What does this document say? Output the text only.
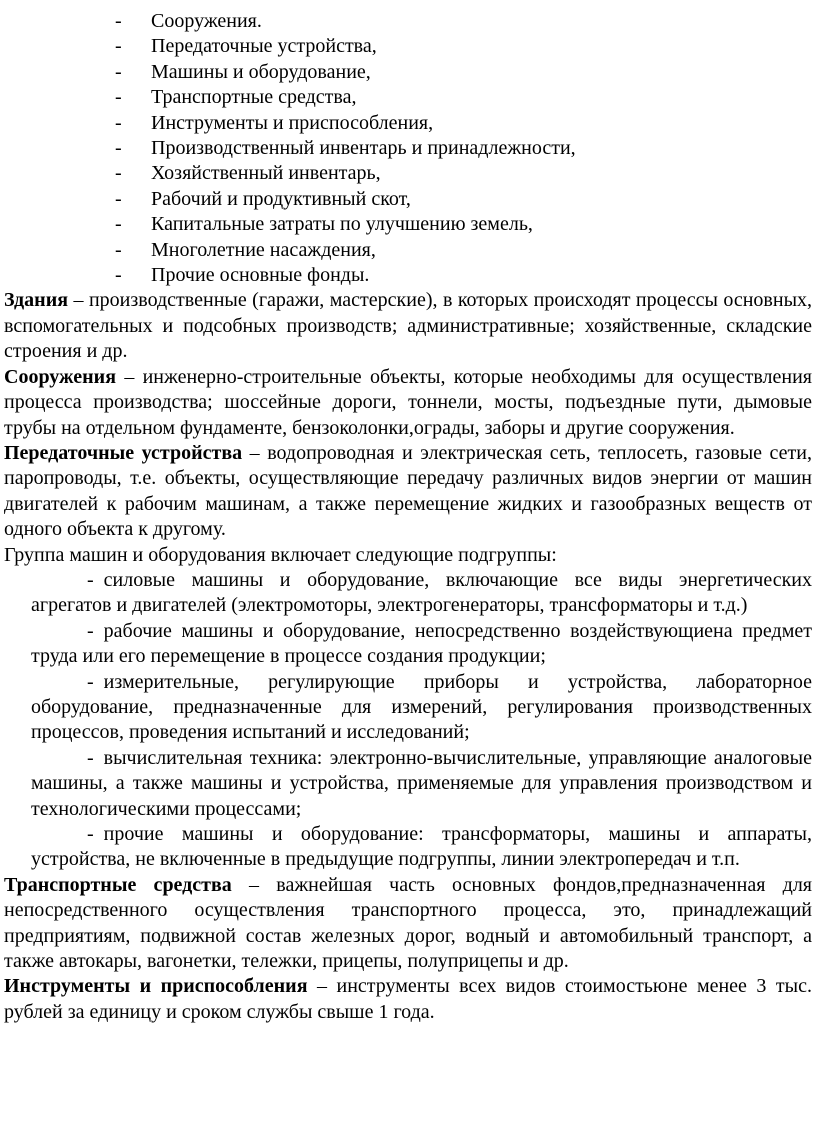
- Сооружения.
- Передаточные устройства,
- Машины и оборудование,
- Транспортные средства,
- Инструменты и приспособления,
- Производственный инвентарь и принадлежности,
- Хозяйственный инвентарь,
- Рабочий и продуктивный скот,
- Капитальные затраты по улучшению земель,
- Многолетние насаждения,
- Прочие основные фонды.

Здания – производственные (гаражи, мастерские), в которых происходят процессы основных, вспомогательных и подсобных производств; административные; хозяйственные, складские строения и др.

Сооружения – инженерно-строительные объекты, которые необходимы для осуществления процесса производства; шоссейные дороги, тоннели, мосты, подъездные пути, дымовые трубы на отдельном фундаменте, бензоколонки,ограды, заборы и другие сооружения.

Передаточные устройства – водопроводная и электрическая сеть, теплосеть, газовые сети, паропроводы, т.е. объекты, осуществляющие передачу различных видов энергии от машин двигателей к рабочим машинам, а также перемещение жидких и газообразных веществ от одного объекта к другому.

Группа машин и оборудования включает следующие подгруппы:

- силовые машины и оборудование, включающие все виды энергетических агрегатов и двигателей (электромоторы, электрогенераторы, трансформаторы и т.д.)

- рабочие машины и оборудование, непосредственно воздействующиена предмет труда или его перемещение в процессе создания продукции;

- измерительные, регулирующие приборы и устройства, лабораторное оборудование, предназначенные для измерений, регулирования производственных процессов, проведения испытаний и исследований;

- вычислительная техника: электронно-вычислительные, управляющие аналоговые машины, а также машины и устройства, применяемые для управления производством и технологическими процессами;

- прочие машины и оборудование: трансформаторы, машины и аппараты, устройства, не включенные в предыдущие подгруппы, линии электропередач и т.п.

Транспортные средства – важнейшая часть основных фондов,предназначенная для непосредственного осуществления транспортного процесса, это, принадлежащий предприятиям, подвижной состав железных дорог, водный и автомобильный транспорт, а также автокары, вагонетки, тележки, прицепы, полуприцепы и др.

Инструменты и приспособления – инструменты всех видов стоимостьюне менее 3 тыс. рублей за единицу и сроком службы свыше 1 года.
